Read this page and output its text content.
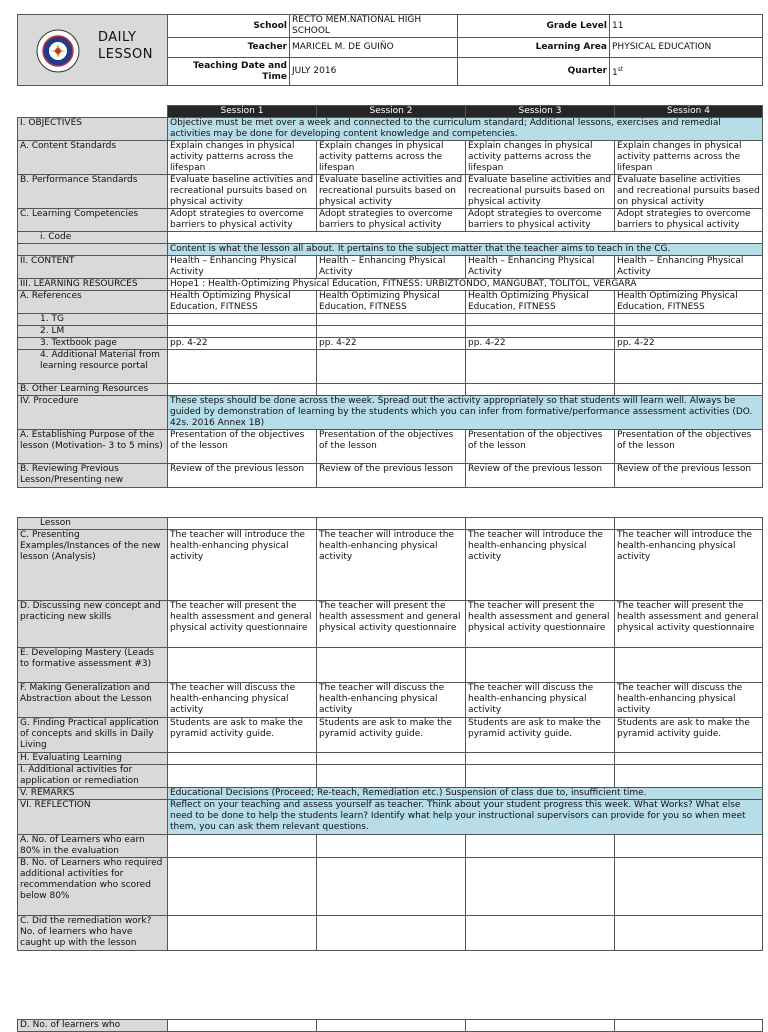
DAILY
LESSON	School	RECTO MEM.NATIONAL HIGH SCHOOL	Grade Level	11
	Teacher	MARICEL M. DE GUIÑO	Learning Area	PHYSICAL EDUCATION
	Teaching Date and Time	JULY 2016	Quarter	1st
	Session 1	Session 2	Session 3	Session 4
I. OBJECTIVES	Objective must be met over a week and connected to the curriculum standard; Additional lessons, exercises and remedial activities may be done for developing content knowledge and competencies.			
A. Content Standards	Explain changes in physical activity patterns across the lifespan	Explain changes in physical activity patterns across the lifespan	Explain changes in physical activity patterns across the lifespan	Explain changes in physical activity patterns across the lifespan
B. Performance Standards	Evaluate baseline activities and recreational pursuits based on physical activity	Evaluate baseline activities and recreational pursuits based on physical activity	Evaluate baseline activities and recreational pursuits based on physical activity	Evaluate baseline activities and recreational pursuits based on physical activity
C. Learning Competencies	Adopt strategies to overcome barriers to physical activity	Adopt strategies to overcome barriers to physical activity	Adopt strategies to overcome barriers to physical activity	Adopt strategies to overcome barriers to physical activity
i. Code				
	Content is what the lesson all about. It pertains to the subject matter that the teacher aims to teach in the CG.			
II. CONTENT	Health – Enhancing Physical Activity	Health – Enhancing Physical Activity	Health – Enhancing Physical Activity	Health – Enhancing Physical Activity
III. LEARNING RESOURCES	Hope1 : Health-Optimizing Physical Education, FITNESS: URBIZTONDO, MANGUBAT, TOLITOL, VERGARA			
A. References	Health Optimizing Physical Education, FITNESS	Health Optimizing Physical Education, FITNESS	Health Optimizing Physical Education, FITNESS	Health Optimizing Physical Education, FITNESS
1. TG				
2. LM				
3. Textbook page	pp. 4-22	pp. 4-22	pp. 4-22	pp. 4-22
4. Additional Material from learning resource portal				
B. Other Learning Resources				
IV. Procedure	These steps should be done across the week. Spread out the activity appropriately so that students will learn well. Always be guided by demonstration of learning by the students which you can infer from formative/performance assessment activities (DO. 42s. 2016 Annex 1B)			
A. Establishing Purpose of the lesson (Motivation- 3 to 5 mins)	Presentation of the objectives of the lesson	Presentation of the objectives of the lesson	Presentation of the objectives of the lesson	Presentation of the objectives of the lesson
B. Reviewing Previous Lesson/Presenting new	Review of the previous lesson	Review of the previous lesson	Review of the previous lesson	Review of the previous lesson
Lesson				
C. Presenting Examples/Instances of the new lesson (Analysis)	The teacher will introduce the health-enhancing physical activity	The teacher will introduce the health-enhancing physical activity	The teacher will introduce the health-enhancing physical activity	The teacher will introduce the health-enhancing physical activity
D. Discussing new concept and practicing new skills	The teacher will present the health assessment and general physical activity questionnaire	The teacher will present the health assessment and general physical activity questionnaire	The teacher will present the health assessment and general physical activity questionnaire	The teacher will present the health assessment and general physical activity questionnaire
E. Developing Mastery (Leads to formative assessment #3)				
F. Making Generalization and Abstraction about the Lesson	The teacher will discuss the health-enhancing physical activity	The teacher will discuss the health-enhancing physical activity	The teacher will discuss the health-enhancing physical activity	The teacher will discuss the health-enhancing physical activity
G. Finding Practical application of concepts and skills in Daily Living	Students are ask to make the pyramid activity guide.	Students are ask to make the pyramid activity guide.	Students are ask to make the pyramid activity guide.	Students are ask to make the pyramid activity guide.
H. Evaluating Learning				
I. Additional activities for application or remediation				
V. REMARKS	Educational Decisions (Proceed; Re-teach, Remediation etc.) Suspension of class due to, insufficient time.			
VI. REFLECTION	Reflect on your teaching and assess yourself as teacher. Think about your student progress this week. What Works? What else need to be done to help the students learn? Identify what help your instructional supervisors can provide for you so when meet them, you can ask them relevant questions.			
A. No. of Learners who earn 80% in the evaluation				
B. No. of Learners who required additional activities for recommendation who scored below 80%				
C. Did the remediation work? No. of learners who have caught up with the lesson				
D. No. of learners who				
